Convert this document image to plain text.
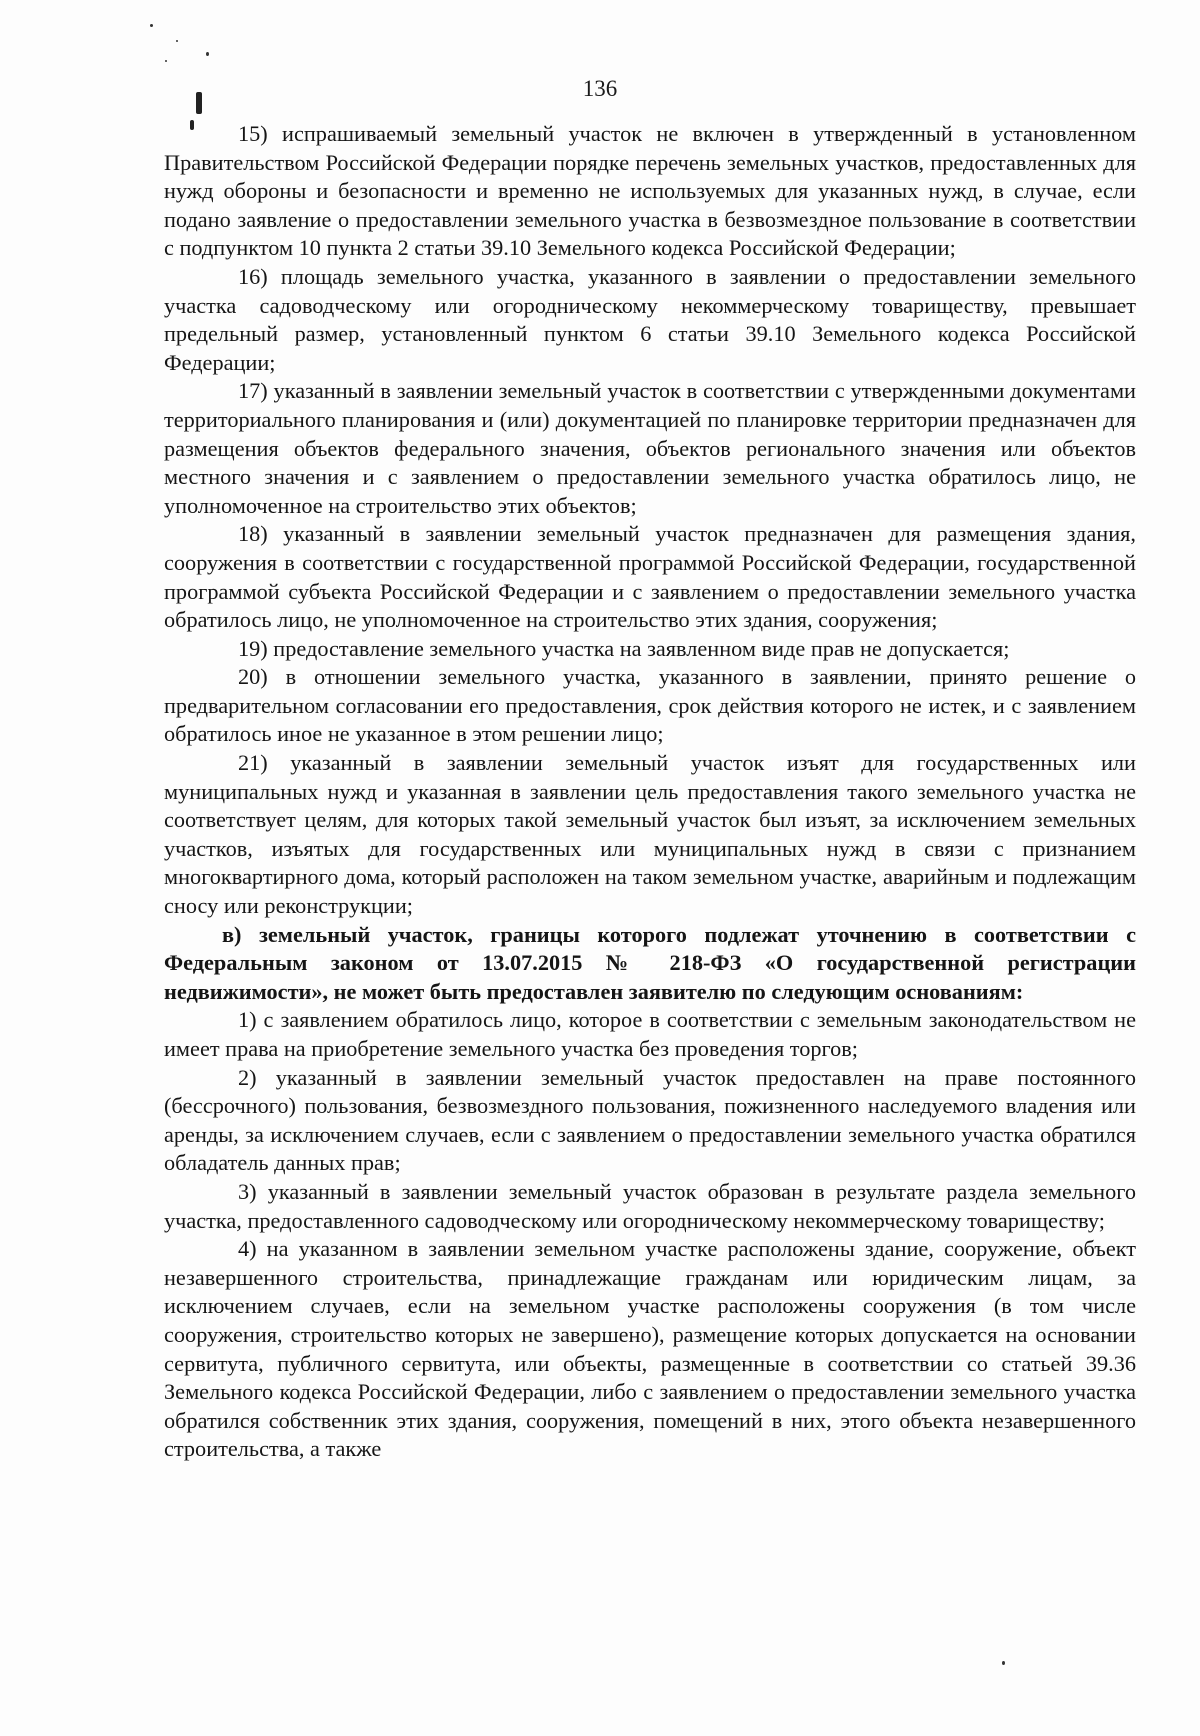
136

15) испрашиваемый земельный участок не включен в утвержденный в установленном Правительством Российской Федерации порядке перечень земельных участков, предоставленных для нужд обороны и безопасности и временно не используемых для указанных нужд, в случае, если подано заявление о предоставлении земельного участка в безвозмездное пользование в соответствии с подпунктом 10 пункта 2 статьи 39.10 Земельного кодекса Российской Федерации;

16) площадь земельного участка, указанного в заявлении о предоставлении земельного участка садоводческому или огородническому некоммерческому товариществу, превышает предельный размер, установленный пунктом 6 статьи 39.10 Земельного кодекса Российской Федерации;

17) указанный в заявлении земельный участок в соответствии с утвержденными документами территориального планирования и (или) документацией по планировке территории предназначен для размещения объектов федерального значения, объектов регионального значения или объектов местного значения и с заявлением о предоставлении земельного участка обратилось лицо, не уполномоченное на строительство этих объектов;

18) указанный в заявлении земельный участок предназначен для размещения здания, сооружения в соответствии с государственной программой Российской Федерации, государственной программой субъекта Российской Федерации и с заявлением о предоставлении земельного участка обратилось лицо, не уполномоченное на строительство этих здания, сооружения;

19) предоставление земельного участка на заявленном виде прав не допускается;

20) в отношении земельного участка, указанного в заявлении, принято решение о предварительном согласовании его предоставления, срок действия которого не истек, и с заявлением обратилось иное не указанное в этом решении лицо;

21) указанный в заявлении земельный участок изъят для государственных или муниципальных нужд и указанная в заявлении цель предоставления такого земельного участка не соответствует целям, для которых такой земельный участок был изъят, за исключением земельных участков, изъятых для государственных или муниципальных нужд в связи с признанием многоквартирного дома, который расположен на таком земельном участке, аварийным и подлежащим сносу или реконструкции;

в) земельный участок, границы которого подлежат уточнению в соответствии с Федеральным законом от 13.07.2015 № 218-ФЗ «О государственной регистрации недвижимости», не может быть предоставлен заявителю по следующим основаниям:

1) с заявлением обратилось лицо, которое в соответствии с земельным законодательством не имеет права на приобретение земельного участка без проведения торгов;

2) указанный в заявлении земельный участок предоставлен на праве постоянного (бессрочного) пользования, безвозмездного пользования, пожизненного наследуемого владения или аренды, за исключением случаев, если с заявлением о предоставлении земельного участка обратился обладатель данных прав;

3) указанный в заявлении земельный участок образован в результате раздела земельного участка, предоставленного садоводческому или огородническому некоммерческому товариществу;

4) на указанном в заявлении земельном участке расположены здание, сооружение, объект незавершенного строительства, принадлежащие гражданам или юридическим лицам, за исключением случаев, если на земельном участке расположены сооружения (в том числе сооружения, строительство которых не завершено), размещение которых допускается на основании сервитута, публичного сервитута, или объекты, размещенные в соответствии со статьей 39.36 Земельного кодекса Российской Федерации, либо с заявлением о предоставлении земельного участка обратился собственник этих здания, сооружения, помещений в них, этого объекта незавершенного строительства, а также
